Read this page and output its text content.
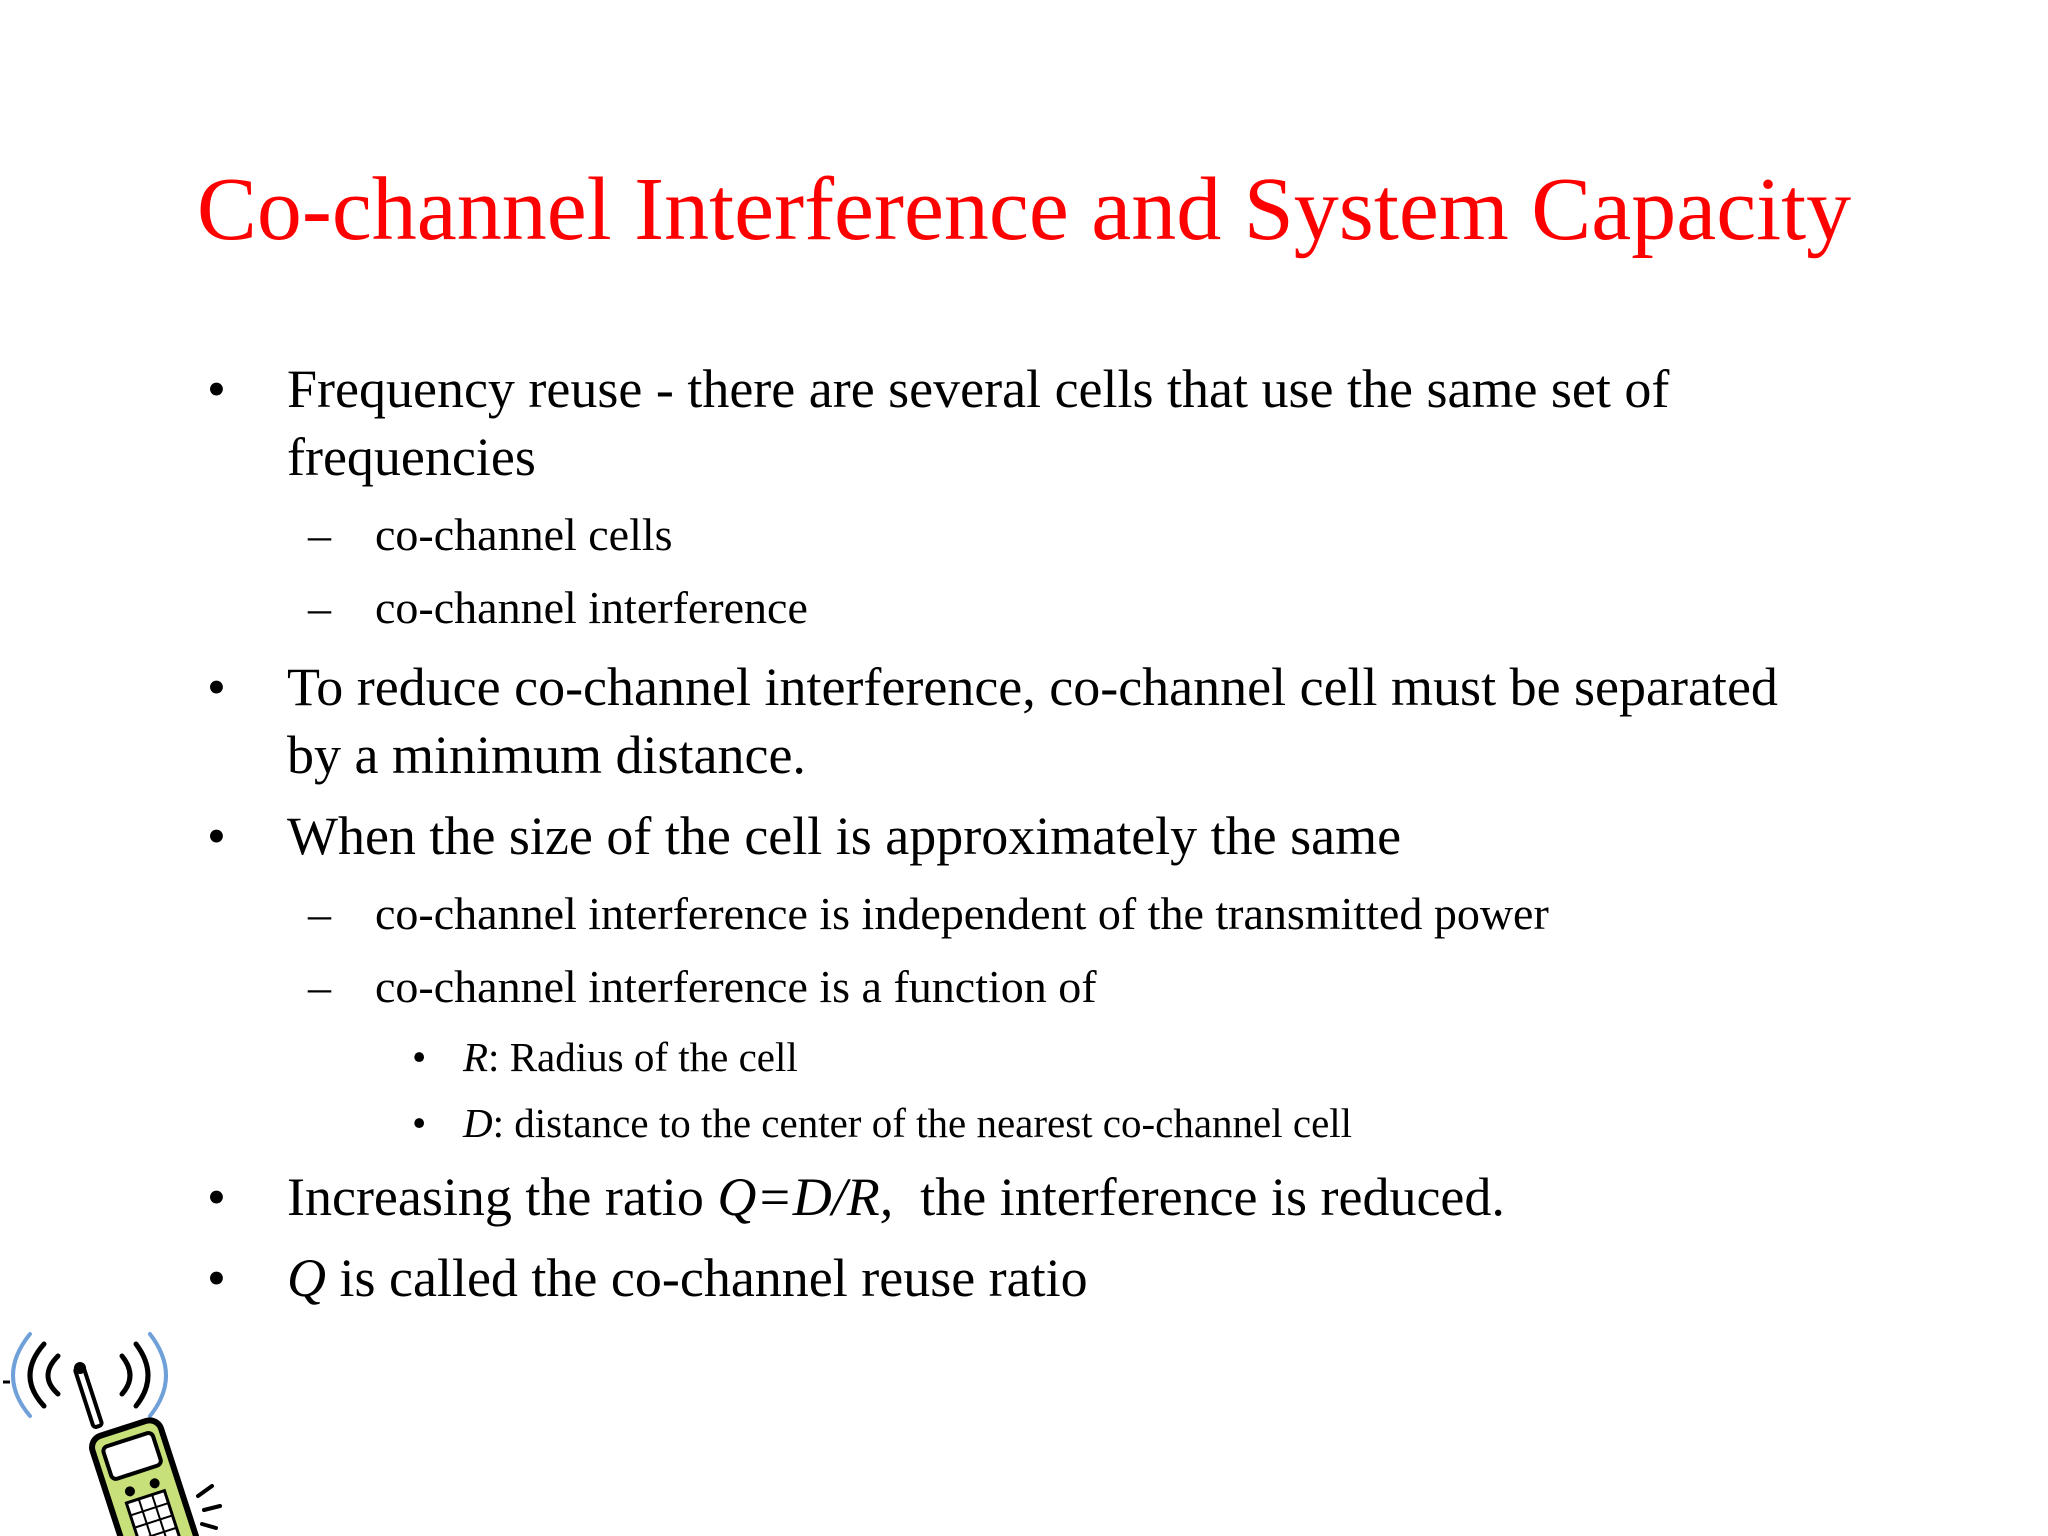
Co-channel Interference and System Capacity
• Frequency reuse - there are several cells that use the same set of
frequencies
– co-channel cells
– co-channel interference
• To reduce co-channel interference, co-channel cell must be separated
by a minimum distance.
• When the size of the cell is approximately the same
– co-channel interference is independent of the transmitted power
– co-channel interference is a function of
• R: Radius of the cell
• D: distance to the center of the nearest co-channel cell
• Increasing the ratio Q=D/R,  the interference is reduced.
• Q is called the co-channel reuse ratio
